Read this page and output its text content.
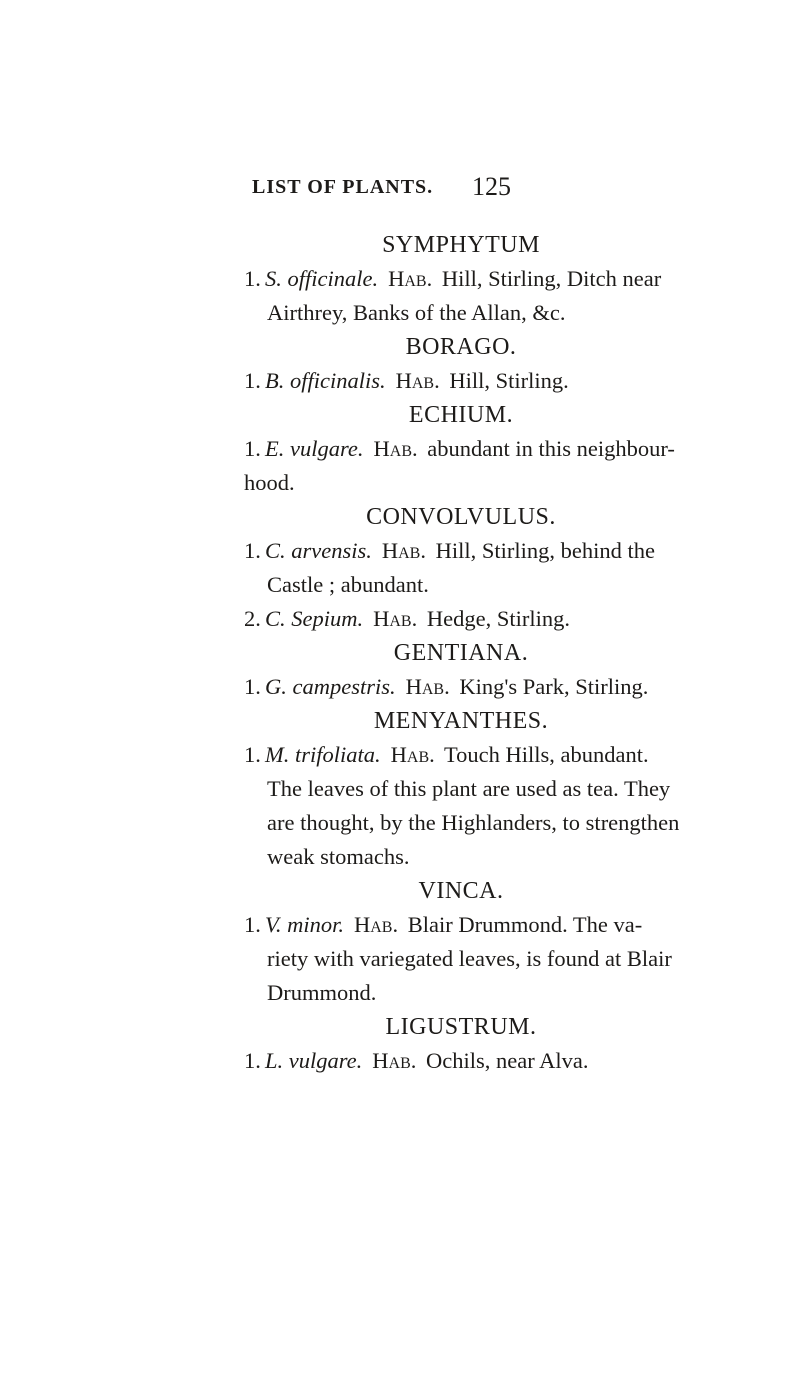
LIST OF PLANTS. 125
SYMPHYTUM
1. S. officinale. Hab. Hill, Stirling, Ditch near
Airthrey, Banks of the Allan, &c.
BORAGO.
1. B. officinalis. Hab. Hill, Stirling.
ECHIUM.
1. E. vulgare. Hab. abundant in this neighbour-
hood.
CONVOLVULUS.
1. C. arvensis. Hab. Hill, Stirling, behind the
Castle ; abundant.
2. C. Sepium. Hab. Hedge, Stirling.
GENTIANA.
1. G. campestris. Hab. King's Park, Stirling.
MENYANTHES.
1. M. trifoliata. Hab. Touch Hills, abundant.
The leaves of this plant are used as tea. They
are thought, by the Highlanders, to strengthen
weak stomachs.
VINCA.
1. V. minor. Hab. Blair Drummond. The va-
riety with variegated leaves, is found at Blair
Drummond.
LIGUSTRUM.
1. L. vulgare. Hab. Ochils, near Alva.
